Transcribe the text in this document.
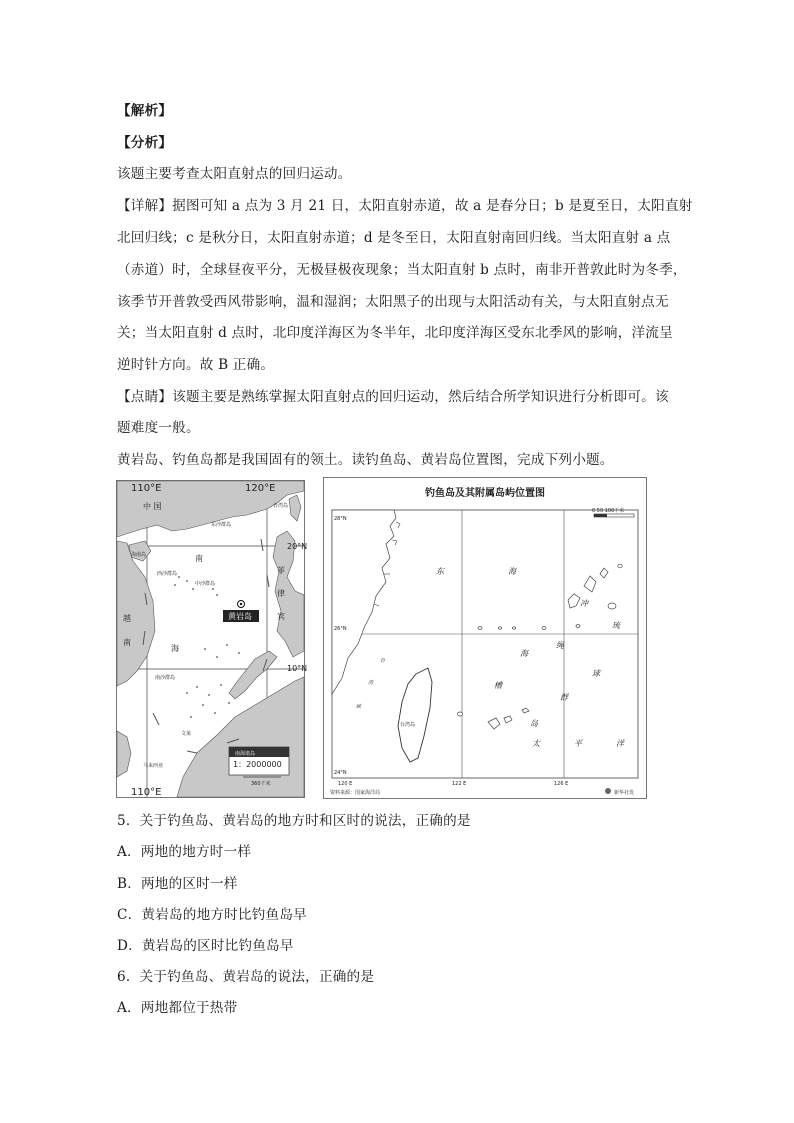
【解析】
【分析】
该题主要考查太阳直射点的回归运动。
【详解】据图可知 a 点为 3 月 21 日，太阳直射赤道，故 a 是春分日；b 是夏至日，太阳直射
北回归线；c 是秋分日，太阳直射赤道；d 是冬至日，太阳直射南回归线。当太阳直射 a 点
（赤道）时，全球昼夜平分，无极昼极夜现象；当太阳直射 b 点时，南非开普敦此时为冬季，
该季节开普敦受西风带影响，温和湿润；太阳黑子的出现与太阳活动有关，与太阳直射点无
关；当太阳直射 d 点时，北印度洋海区为冬半年，北印度洋海区受东北季风的影响，洋流呈
逆时针方向。故 B 正确。
【点睛】该题主要是熟练掌握太阳直射点的回归运动，然后结合所学知识进行分析即可。该
题难度一般。
黄岩岛、钓鱼岛都是我国固有的领土。读钓鱼岛、黄岩岛位置图，完成下列小题。
110°E	120°E
中 国	台湾岛
东沙群岛
20°N
海南岛	南
西沙群岛
中沙群岛
菲
律
宾
黄岩岛
越
南
海
10°N
南沙群岛
文莱
马来西亚
南海诸岛
1：2000000
360千米
110°E
钓鱼岛及其附属岛屿位置图
0 50 100千米
28°N
26°N
24°N
东	海
冲
绳
海
槽
岛
琉
球
群
太	平	洋
台湾岛
台
湾
峡
120 E	122 E	126 E
资料来源：国家海洋局	新华社发
5．关于钓鱼岛、黄岩岛的地方时和区时的说法，正确的是
A．两地的地方时一样
B．两地的区时一样
C．黄岩岛的地方时比钓鱼岛早
D．黄岩岛的区时比钓鱼岛早
6．关于钓鱼岛、黄岩岛的说法，正确的是
A．两地都位于热带
